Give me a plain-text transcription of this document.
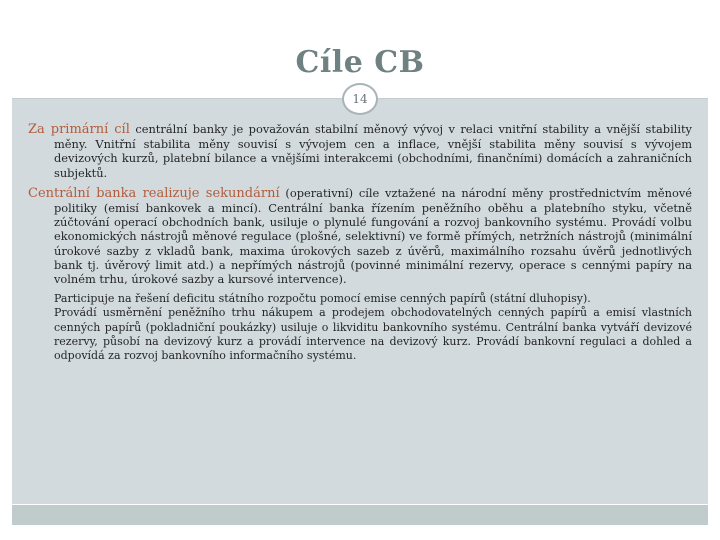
Cíle CB
14

Za primární cíl centrální banky je považován stabilní měnový vývoj v relaci vnitřní stability a vnější stability měny. Vnitřní stabilita měny souvisí s vývojem cen a inflace, vnější stabilita měny souvisí s vývojem devizových kurzů, platební bilance a vnějšími interakcemi (obchodními, finančními) domácích a zahraničních subjektů.

Centrální banka realizuje sekundární (operativní) cíle vztažené na národní měny prostřednictvím měnové politiky (emisí bankovek a mincí). Centrální banka řízením peněžního oběhu a platebního styku, včetně zúčtování operací obchodních bank, usiluje o plynulé fungování a rozvoj bankovního systému. Provádí volbu ekonomických nástrojů měnové regulace (plošné, selektivní) ve formě přímých, netržních nástrojů (minimální úrokové sazby z vkladů bank, maxima úrokových sazeb z úvěrů, maximálního rozsahu úvěrů jednotlivých bank tj. úvěrový limit atd.) a nepřímých nástrojů (povinné minimální rezervy, operace s cennými papíry na volném trhu, úrokové sazby a kursové intervence).

Participuje na řešení deficitu státního rozpočtu pomocí emise cenných papírů (státní dluhopisy).

Provádí usměrnění peněžního trhu nákupem a prodejem obchodovatelných cenných papírů a emisí vlastních cenných papírů (pokladniční poukázky) usiluje o likviditu bankovního systému. Centrální banka vytváří devizové rezervy, působí na devizový kurz a provádí intervence na devizový kurz. Provádí bankovní regulaci a dohled a odpovídá za rozvoj bankovního informačního systému.
